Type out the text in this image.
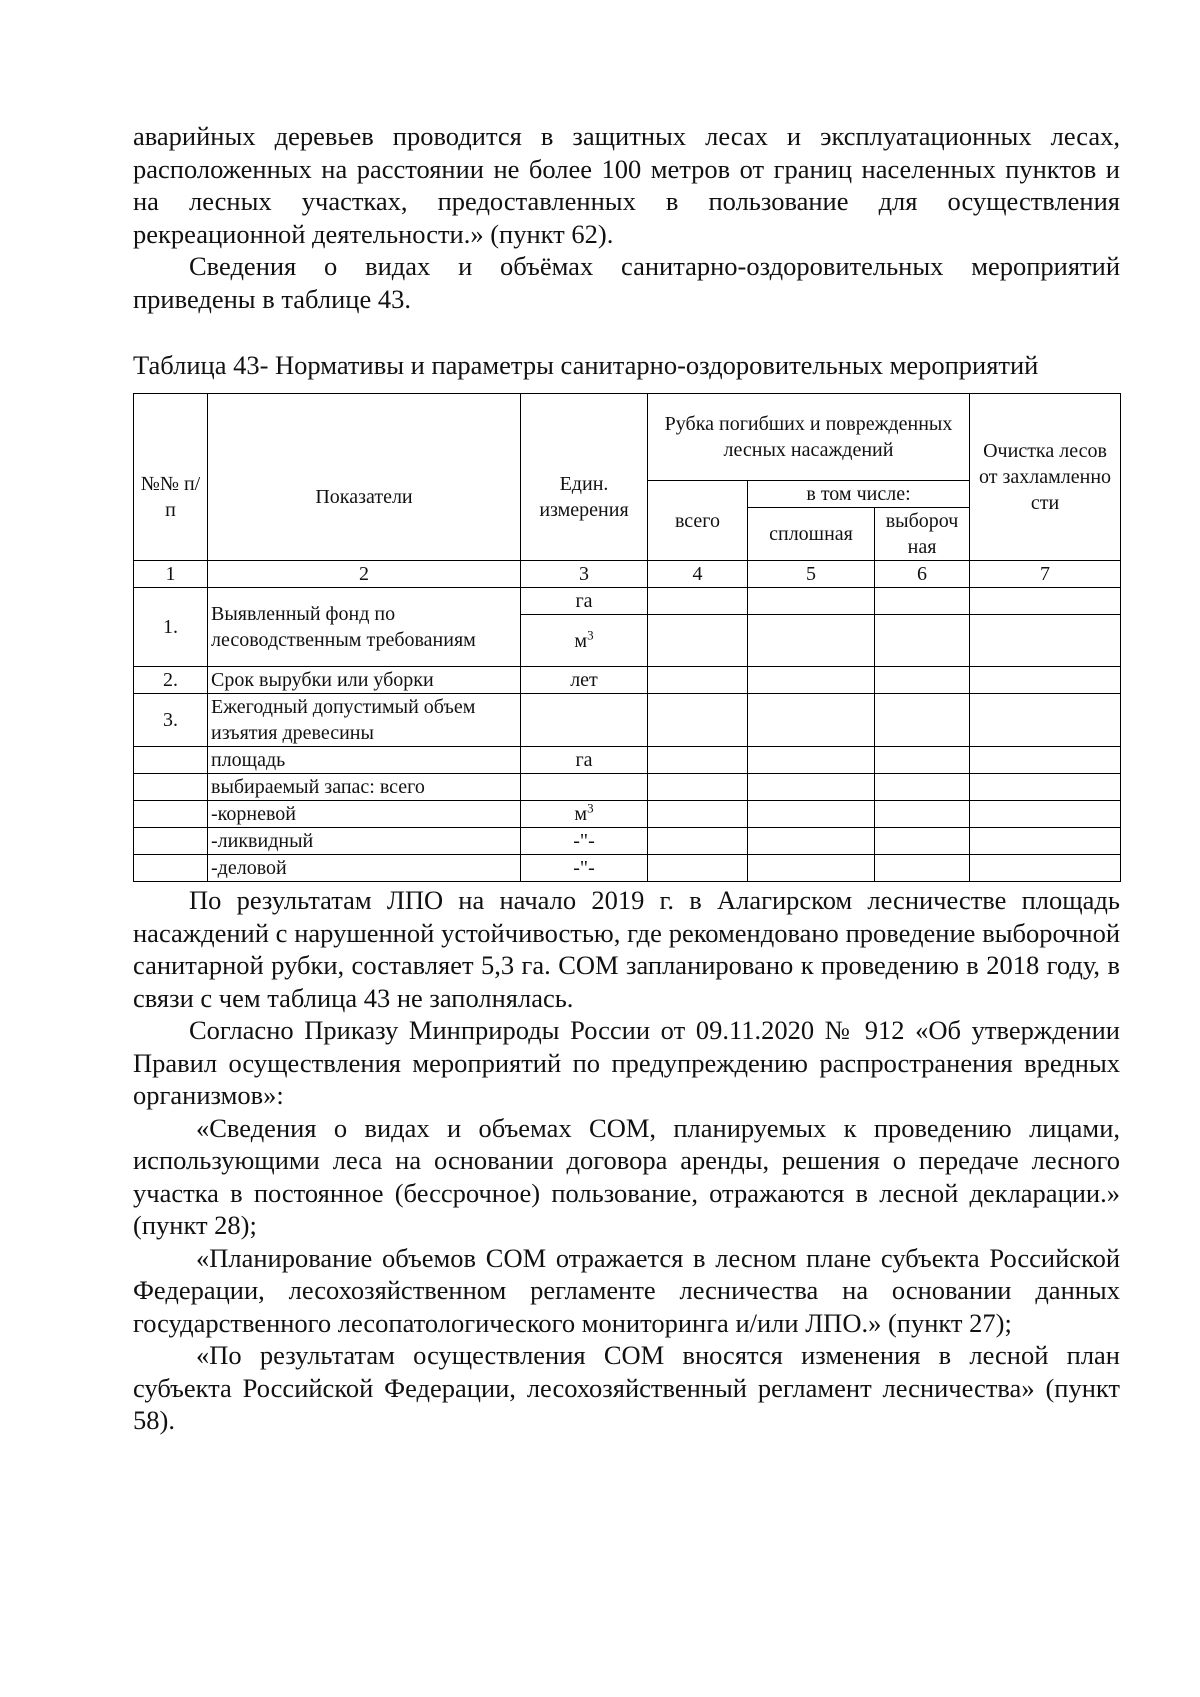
аварийных деревьев проводится в защитных лесах и эксплуатационных лесах, расположенных на расстоянии не более 100 метров от границ населенных пунктов и на лесных участках, предоставленных в пользование для осуществления рекреационной деятельности.» (пункт 62).

Сведения о видах и объёмах санитарно-оздоровительных мероприятий приведены в таблице 43.

Таблица 43- Нормативы и параметры санитарно-оздоровительных мероприятий
№№ п/п	Показатели	Един. измерения	Рубка погибших и поврежденных лесных насаждений			Очистка лесов от захламленно сти
			всего	в том числе:		
				сплошная	выбороч ная	
1	2	3	4	5	6	7
1.	Выявленный фонд по лесоводственным требованиям	га				
		$м^3$				
2.	Срок вырубки или уборки	лет				
3.	Ежегодный допустимый объем изъятия древесины					
	площадь	га				
	выбираемый запас: всего					
	-корневой	$м^3$				
	-ликвидный	-"-				
	-деловой	-"-				

По результатам ЛПО на начало 2019 г. в Алагирском лесничестве площадь насаждений с нарушенной устойчивостью, где рекомендовано проведение выборочной санитарной рубки, составляет 5,3 га. СОМ запланировано к проведению в 2018 году, в связи с чем таблица 43 не заполнялась.

Согласно Приказу Минприроды России от 09.11.2020 № 912 «Об утверждении Правил осуществления мероприятий по предупреждению распространения вредных организмов»:

«Сведения о видах и объемах СОМ, планируемых к проведению лицами, использующими леса на основании договора аренды, решения о передаче лесного участка в постоянное (бессрочное) пользование, отражаются в лесной декларации.» (пункт 28);

«Планирование объемов СОМ отражается в лесном плане субъекта Российской Федерации, лесохозяйственном регламенте лесничества на основании данных государственного лесопатологического мониторинга и/или ЛПО.» (пункт 27);

«По результатам осуществления СОМ вносятся изменения в лесной план субъекта Российской Федерации, лесохозяйственный регламент лесничества» (пункт 58).
